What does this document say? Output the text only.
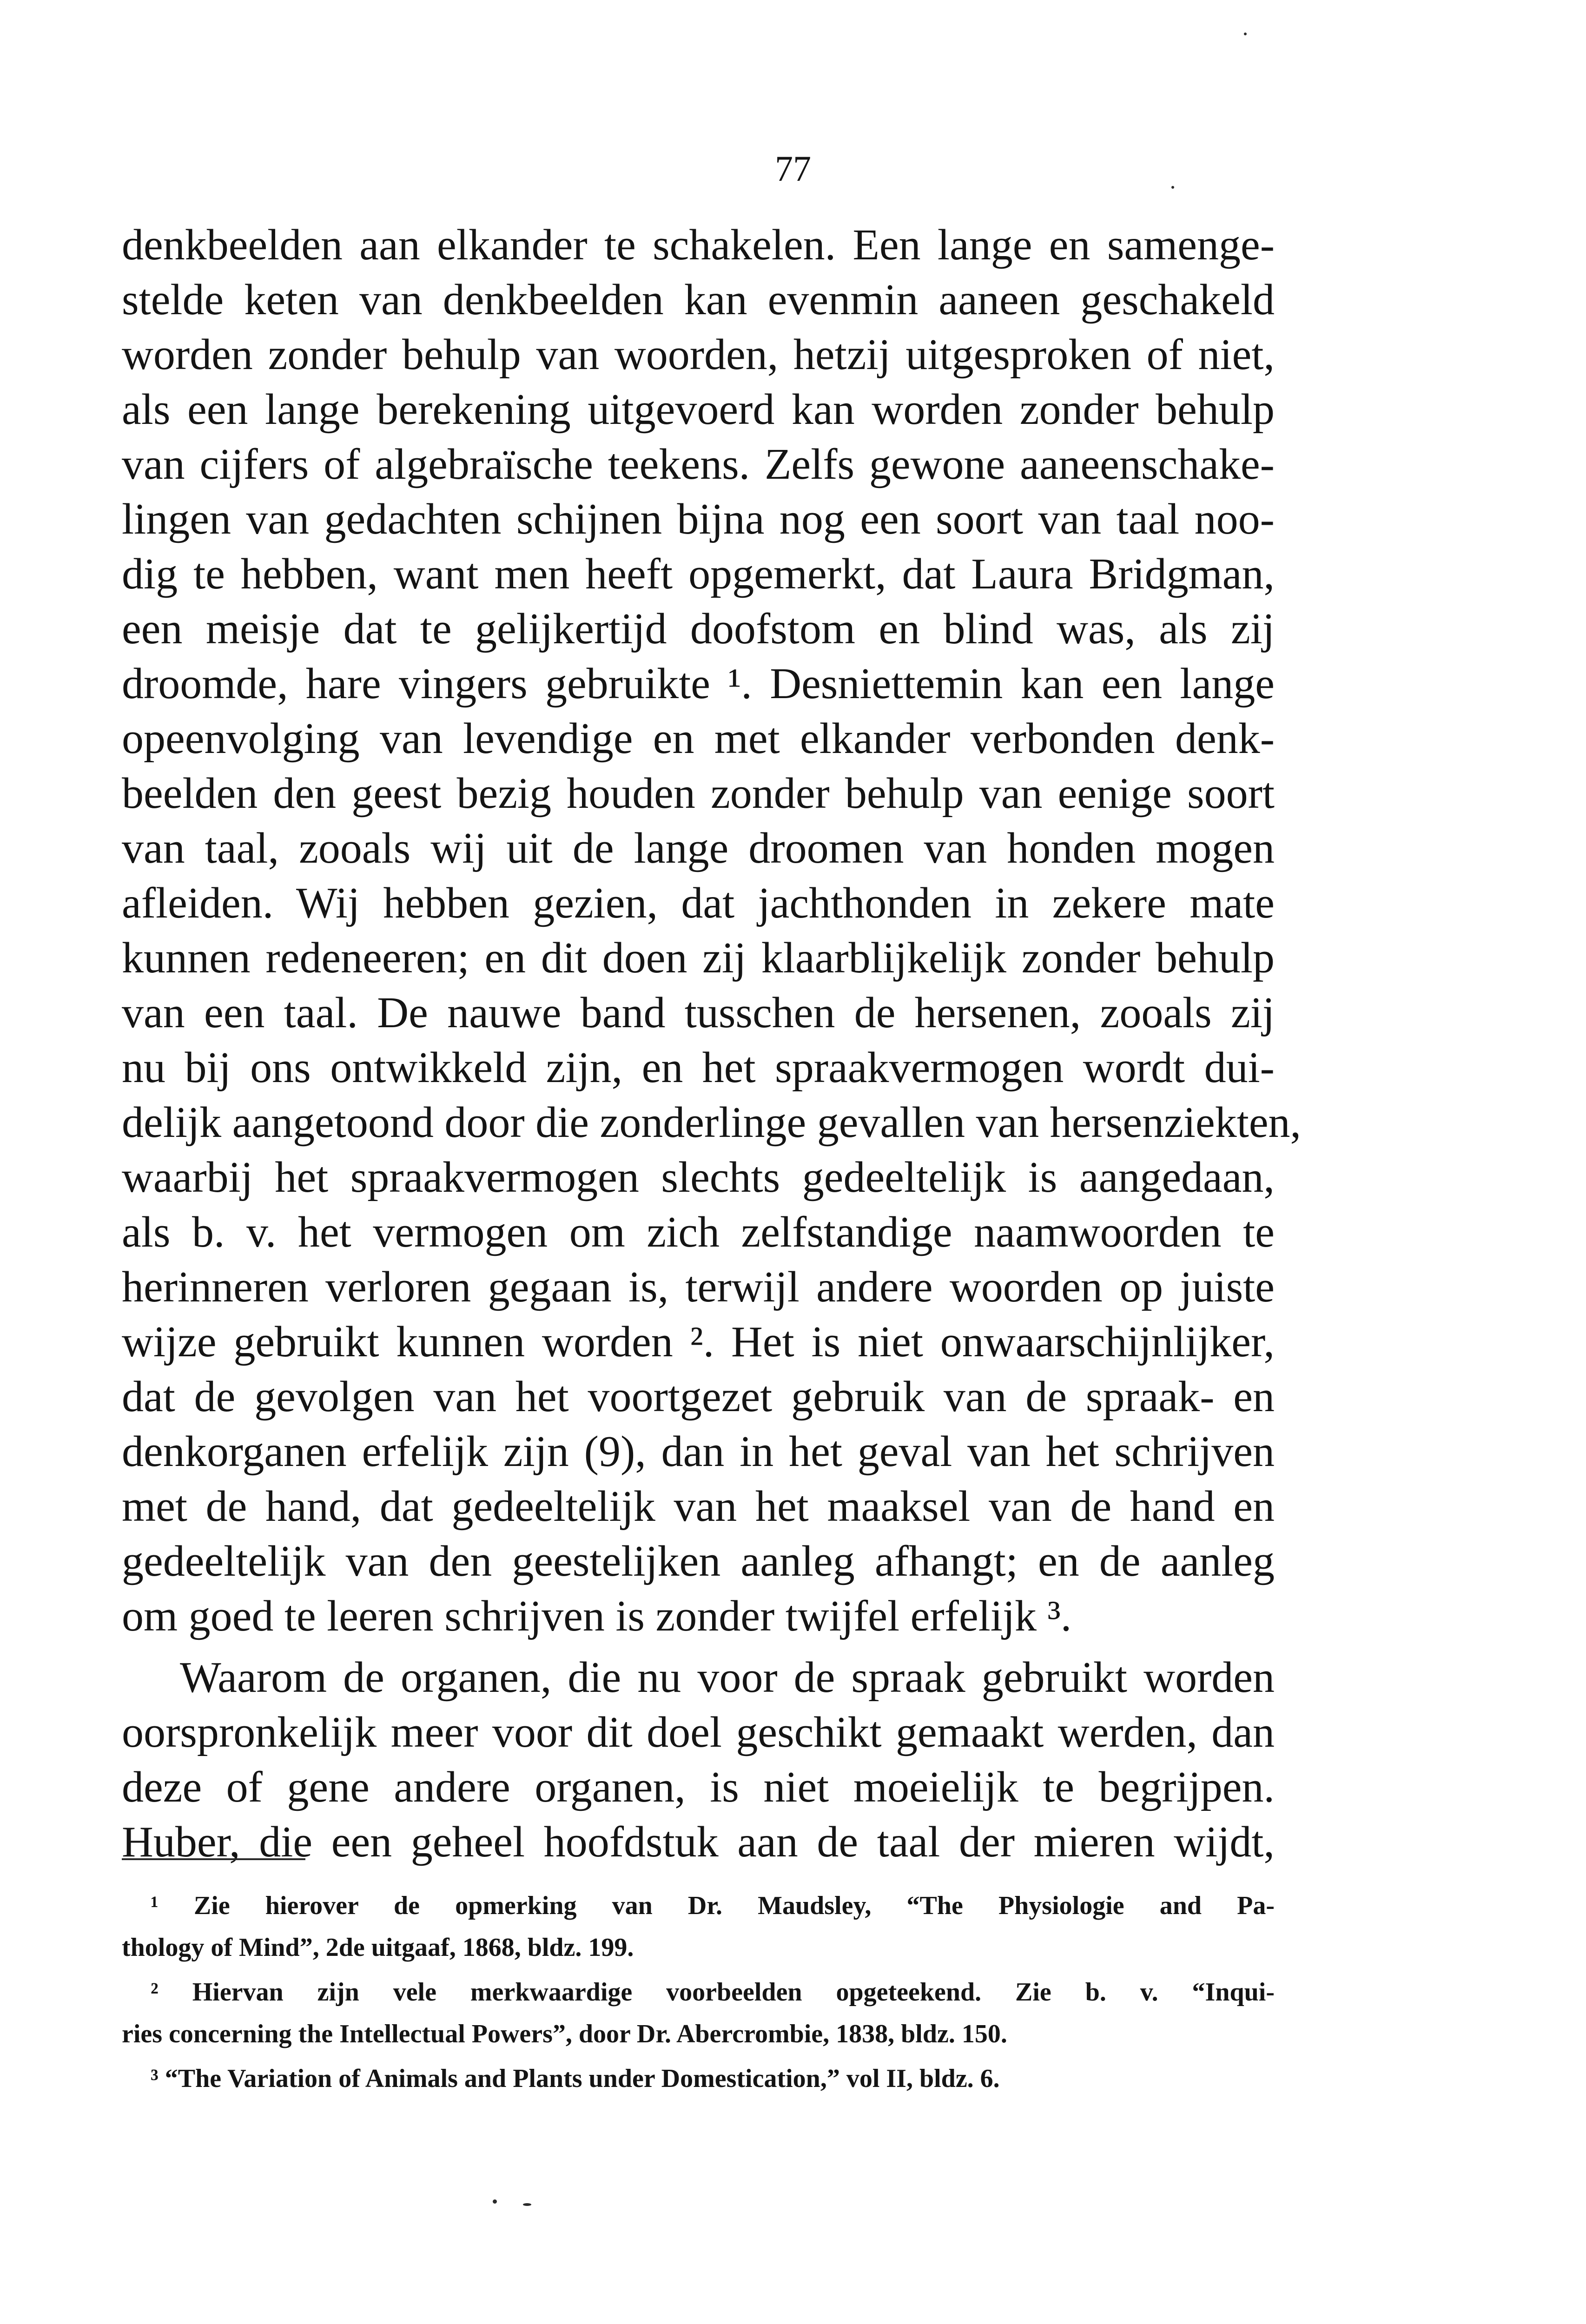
77
denkbeelden aan elkander te schakelen. Een lange en samenge-
stelde keten van denkbeelden kan evenmin aaneen geschakeld
worden zonder behulp van woorden, hetzij uitgesproken of niet,
als een lange berekening uitgevoerd kan worden zonder behulp
van cijfers of algebraïsche teekens. Zelfs gewone aaneenschake-
lingen van gedachten schijnen bijna nog een soort van taal noo-
dig te hebben, want men heeft opgemerkt, dat Laura Bridgman,
een meisje dat te gelijkertijd doofstom en blind was, als zij
droomde, hare vingers gebruikte ¹. Desniettemin kan een lange
opeenvolging van levendige en met elkander verbonden denk-
beelden den geest bezig houden zonder behulp van eenige soort
van taal, zooals wij uit de lange droomen van honden mogen
afleiden. Wij hebben gezien, dat jachthonden in zekere mate
kunnen redeneeren; en dit doen zij klaarblijkelijk zonder behulp
van een taal. De nauwe band tusschen de hersenen, zooals zij
nu bij ons ontwikkeld zijn, en het spraakvermogen wordt dui-
delijk aangetoond door die zonderlinge gevallen van hersenziekten,
waarbij het spraakvermogen slechts gedeeltelijk is aangedaan,
als b. v. het vermogen om zich zelfstandige naamwoorden te
herinneren verloren gegaan is, terwijl andere woorden op juiste
wijze gebruikt kunnen worden ². Het is niet onwaarschijnlijker,
dat de gevolgen van het voortgezet gebruik van de spraak- en
denkorganen erfelijk zijn (9), dan in het geval van het schrijven
met de hand, dat gedeeltelijk van het maaksel van de hand en
gedeeltelijk van den geestelijken aanleg afhangt; en de aanleg
om goed te leeren schrijven is zonder twijfel erfelijk ³.
Waarom de organen, die nu voor de spraak gebruikt worden
oorspronkelijk meer voor dit doel geschikt gemaakt werden, dan
deze of gene andere organen, is niet moeielijk te begrijpen.
Huber, die een geheel hoofdstuk aan de taal der mieren wijdt,
¹ Zie hierover de opmerking van Dr. Maudsley, “The Physiologie and Pa-
thology of Mind”, 2de uitgaaf, 1868, bldz. 199.
² Hiervan zijn vele merkwaardige voorbeelden opgeteekend. Zie b. v. “Inqui-
ries concerning the Intellectual Powers”, door Dr. Abercrombie, 1838, bldz. 150.
³ “The Variation of Animals and Plants under Domestication,” vol II, bldz. 6.
